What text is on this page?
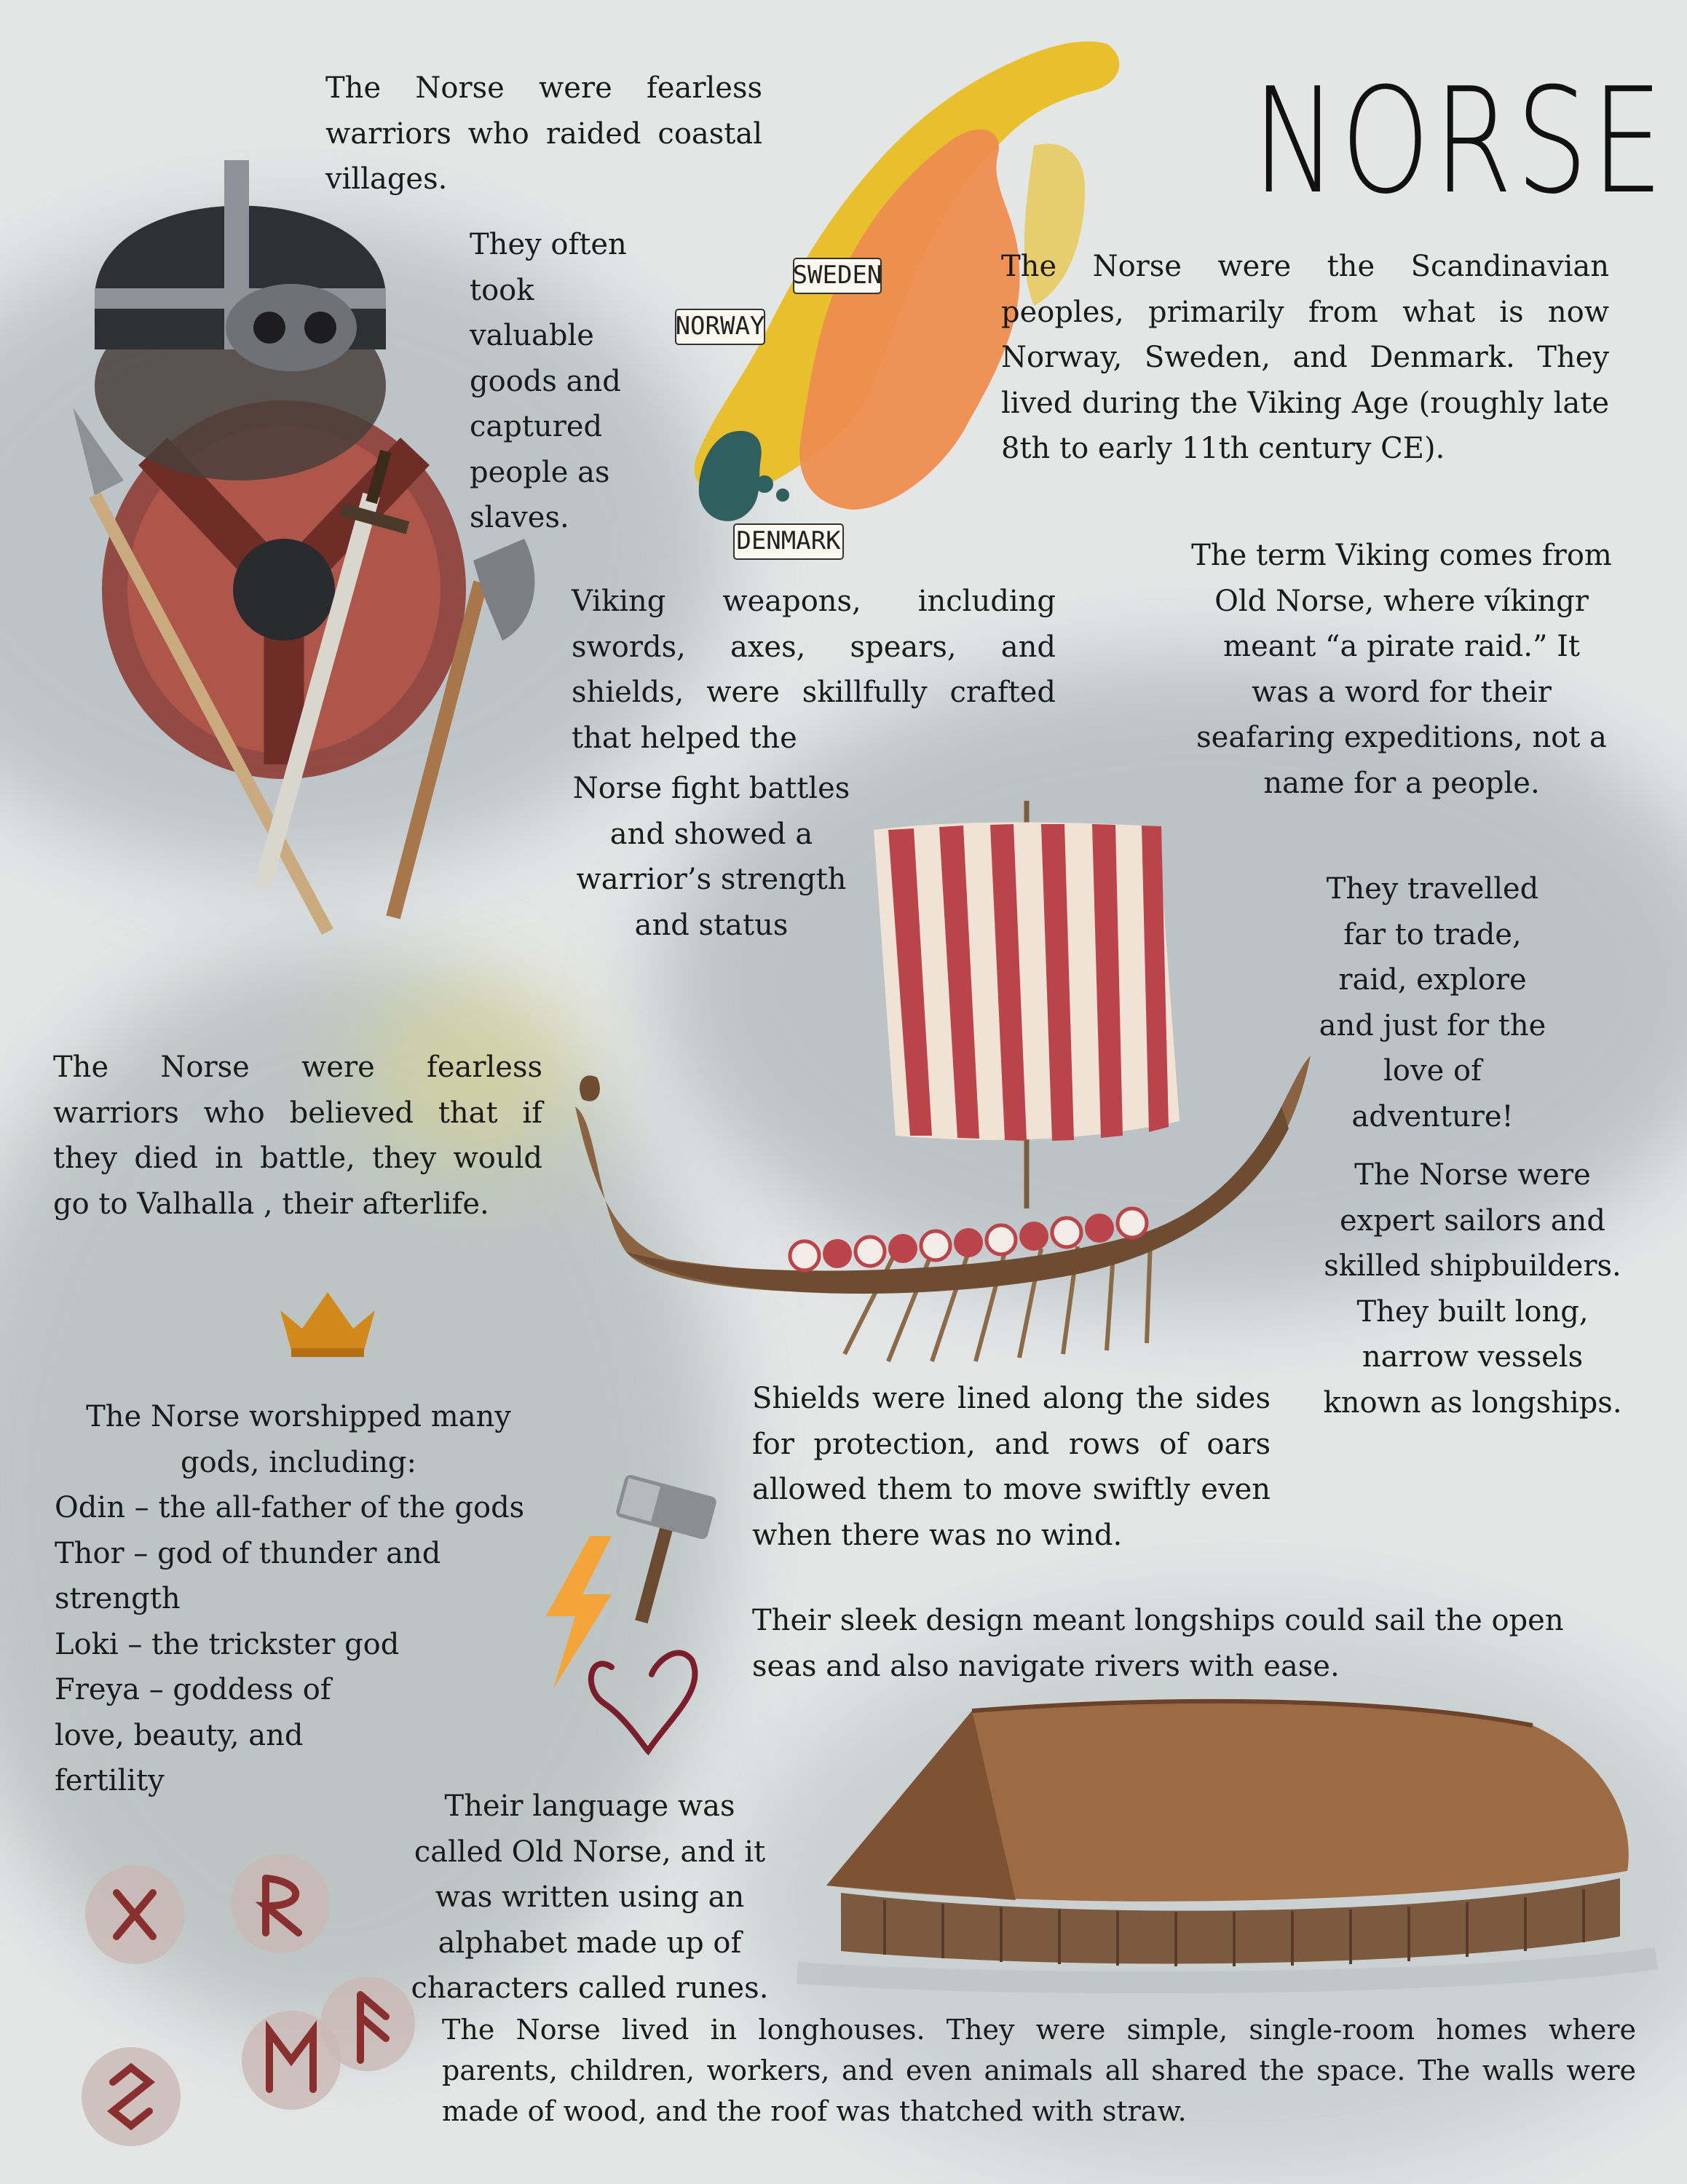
NORSE
SWEDEN
NORWAY
DENMARK

The Norse were fearless warriors who raided coastal villages.

They often took valuable goods and captured people as slaves.

The Norse were the Scandinavian peoples, primarily from what is now Norway, Sweden, and Denmark. They lived during the Viking Age (roughly late 8th to early 11th century CE).

Viking weapons, including swords, axes, spears, and shields, were skillfully crafted that helped the

Norse fight battles and showed a warrior’s strength and status

The term Viking comes from Old Norse, where víkingr meant “a pirate raid.” It was a word for their seafaring expeditions, not a name for a people.

They travelled far to trade, raid, explore and just for the love of adventure!

The Norse were fearless warriors who believed that if they died in battle, they would go to Valhalla , their afterlife.

The Norse were expert sailors and skilled shipbuilders. They built long, narrow vessels known as longships.

The Norse worshipped many gods, including:
Odin – the all-father of the gods
Thor – god of thunder and strength
Loki – the trickster god
Freya – goddess of love, beauty, and fertility

Shields were lined along the sides for protection, and rows of oars allowed them to move swiftly even when there was no wind.

Their sleek design meant longships could sail the open seas and also navigate rivers with ease.

Their language was called Old Norse, and it was written using an alphabet made up of characters called runes.

The Norse lived in longhouses. They were simple, single-room homes where parents, children, workers, and even animals all shared the space. The walls were made of wood, and the roof was thatched with straw.
